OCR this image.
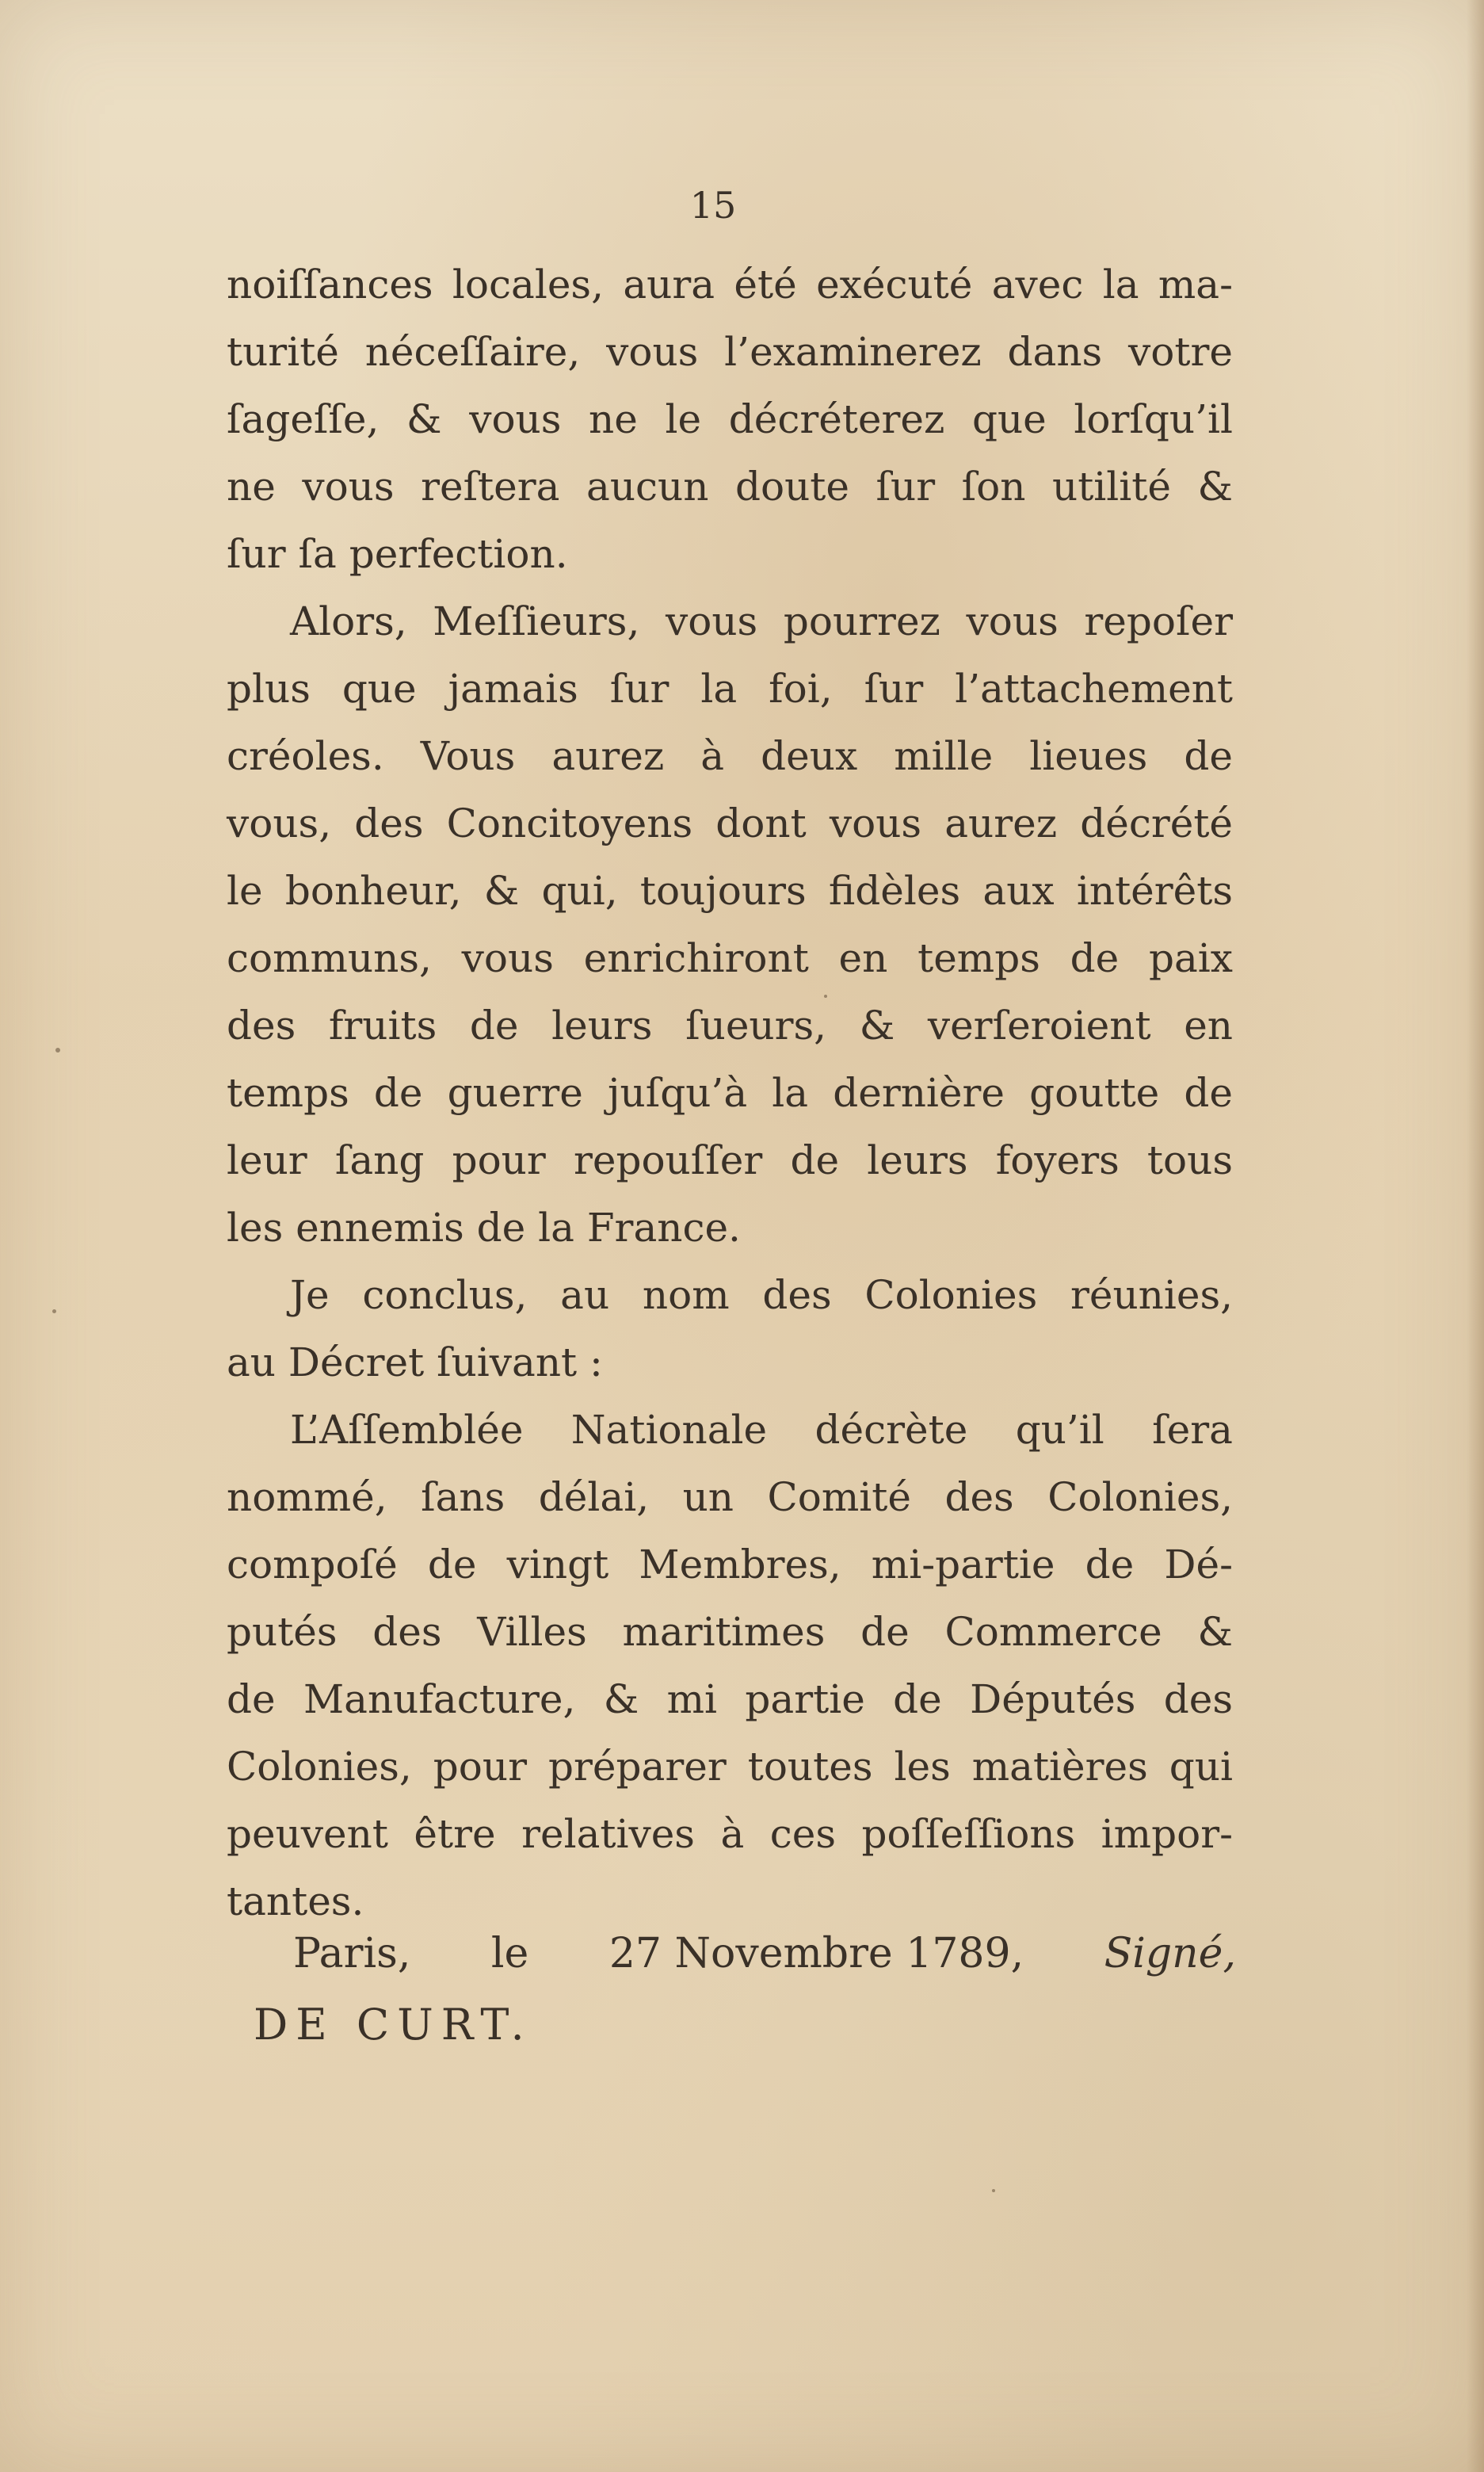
15
noiſſances locales, aura été exécuté avec la ma-
turité néceſſaire, vous l’examinerez dans votre
ſageſſe, & vous ne le décréterez que lorſqu’il
ne vous reſtera aucun doute ſur ſon utilité &
ſur ſa perfection.
Alors, Meſſieurs, vous pourrez vous repoſer
plus que jamais ſur la foi, ſur l’attachement
créoles. Vous aurez à deux mille lieues de
vous, des Concitoyens dont vous aurez décrété
le bonheur, & qui, toujours fidèles aux intérêts
communs, vous enrichiront en temps de paix
des fruits de leurs ſueurs, & verſeroient en
temps de guerre juſqu’à la dernière goutte de
leur ſang pour repouſſer de leurs foyers tous
les ennemis de la France.
Je conclus, au nom des Colonies réunies,
au Décret ſuivant :
L’Aſſemblée Nationale décrète qu’il ſera
nommé, ſans délai, un Comité des Colonies,
compoſé de vingt Membres, mi-partie de Dé-
putés des Villes maritimes de Commerce &
de Manufacture, & mi partie de Députés des
Colonies, pour préparer toutes les matières qui
peuvent être relatives à ces poſſeſſions impor-
tantes.
Paris, le 27 Novembre 1789, Signé,
DE CURT.
